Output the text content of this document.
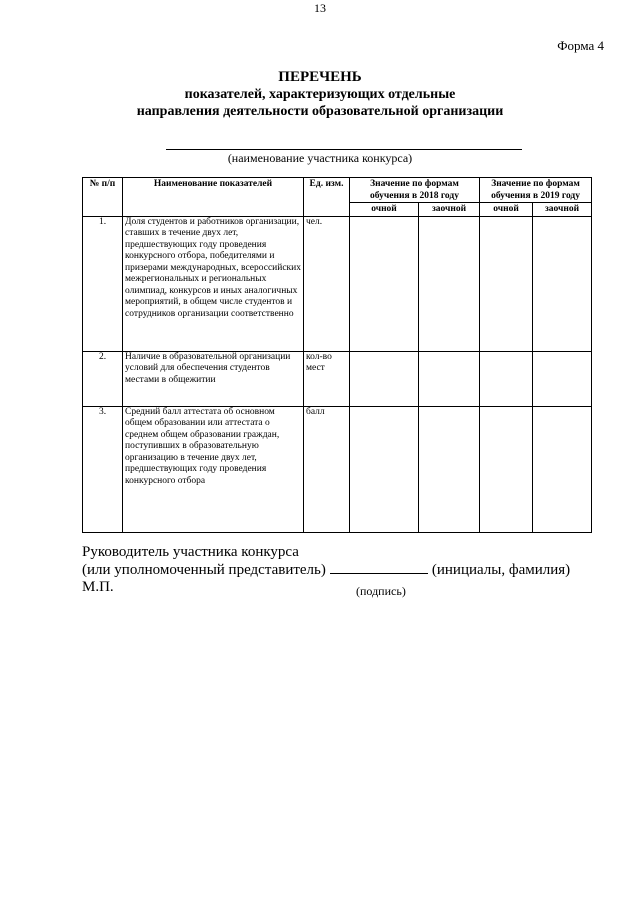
13
Форма 4
ПЕРЕЧЕНЬ
показателей, характеризующих отдельные
направления деятельности образовательной организации
(наименование участника конкурса)
№ п/п	Наименование показателей	Ед. изм.	Значение по формам обучения в 2018 году		Значение по формам обучения в 2019 году	
			очной	заочной	очной	заочной
1.	Доля студентов и работников организации, ставших в течение двух лет, предшествующих году проведения конкурсного отбора, победителями и призерами международных, всероссийских межрегиональных и региональных олимпиад, конкурсов и иных аналогичных мероприятий, в общем числе студентов и сотрудников организации соответственно	чел.				
2.	Наличие в образовательной организации условий для обеспечения студентов местами в общежитии	кол-во мест				
3.	Средний балл аттестата об основном общем образовании или аттестата о среднем общем образовании граждан, поступивших в образовательную организацию в течение двух лет, предшествующих году проведения конкурсного отбора	балл				
Руководитель участника конкурса
(или уполномоченный представитель)	(инициалы, фамилия)
М.П.	(подпись)
